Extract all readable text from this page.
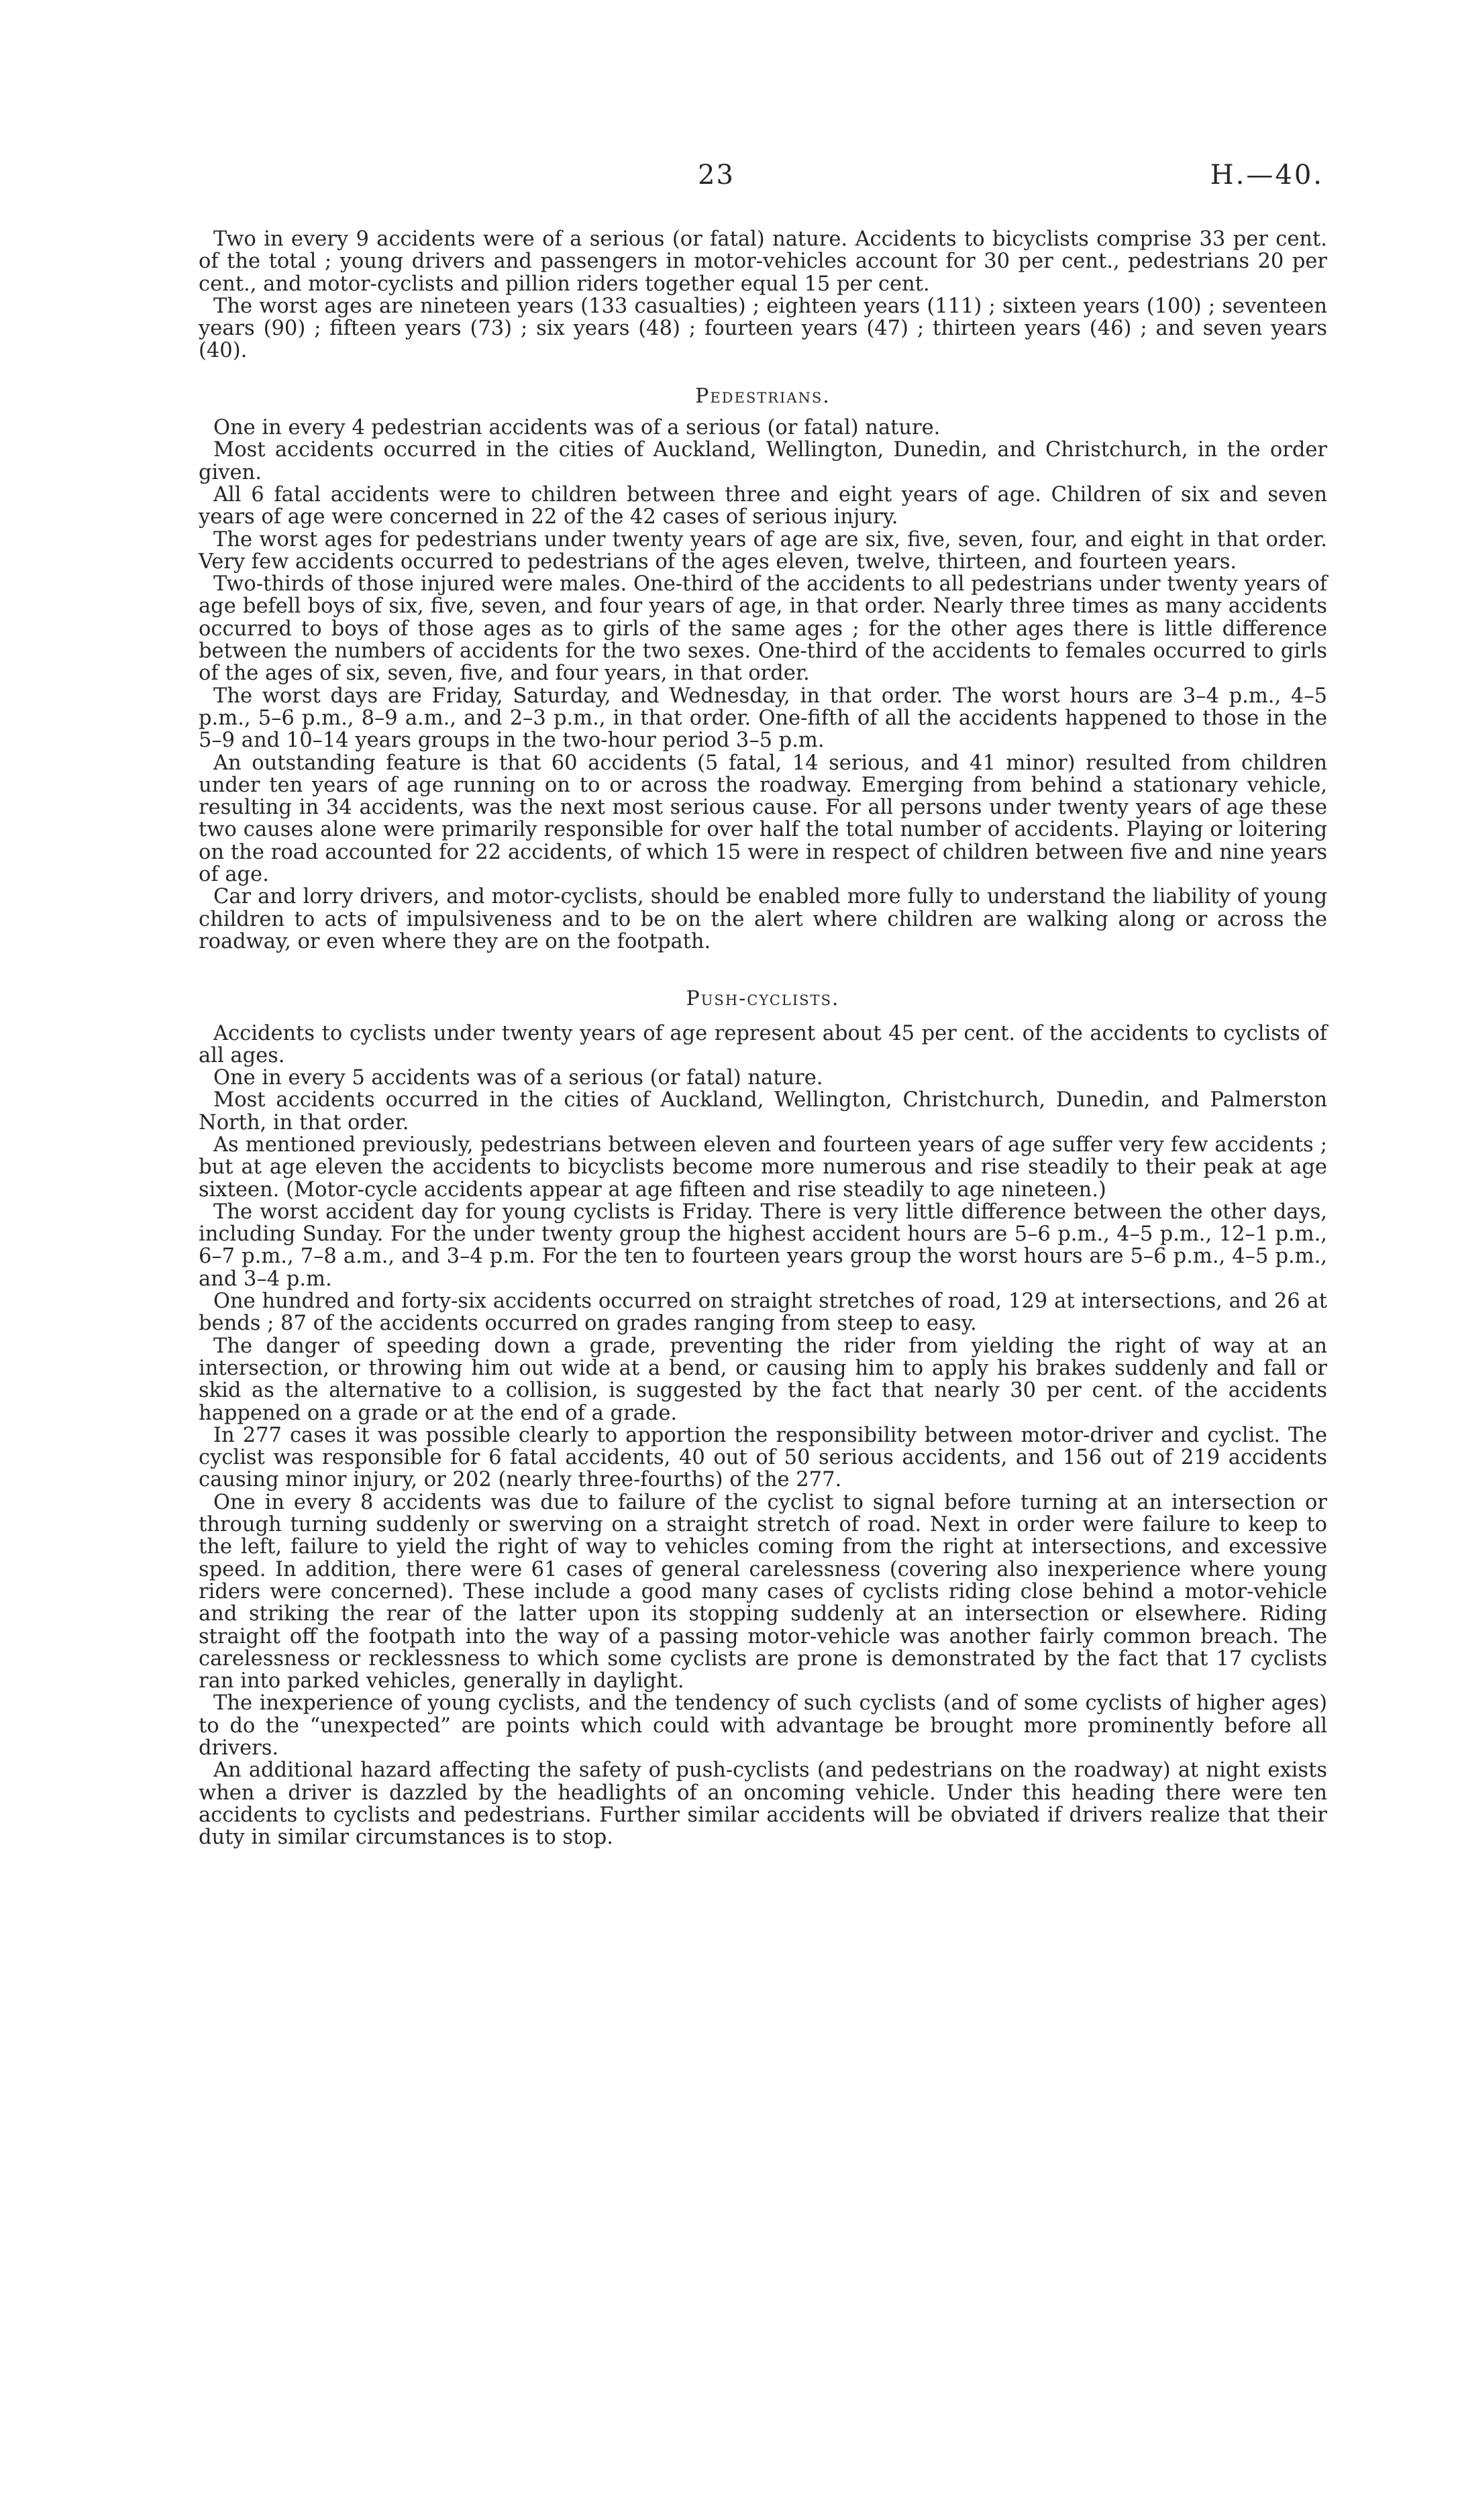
23	H.—40.

Two in every 9 accidents were of a serious (or fatal) nature. Accidents to bicyclists comprise 33 per cent. of the total ; young drivers and passengers in motor-vehicles account for 30 per cent., pedestrians 20 per cent., and motor-cyclists and pillion riders together equal 15 per cent.

The worst ages are nineteen years (133 casualties) ; eighteen years (111) ; sixteen years (100) ; seventeen years (90) ; fifteen years (73) ; six years (48) ; fourteen years (47) ; thirteen years (46) ; and seven years (40).

Pedestrians.

One in every 4 pedestrian accidents was of a serious (or fatal) nature.

Most accidents occurred in the cities of Auckland, Wellington, Dunedin, and Christchurch, in the order given.

All 6 fatal accidents were to children between three and eight years of age. Children of six and seven years of age were concerned in 22 of the 42 cases of serious injury.

The worst ages for pedestrians under twenty years of age are six, five, seven, four, and eight in that order. Very few accidents occurred to pedestrians of the ages eleven, twelve, thirteen, and fourteen years.

Two-thirds of those injured were males. One-third of the accidents to all pedestrians under twenty years of age befell boys of six, five, seven, and four years of age, in that order. Nearly three times as many accidents occurred to boys of those ages as to girls of the same ages ; for the other ages there is little difference between the numbers of accidents for the two sexes. One-third of the accidents to females occurred to girls of the ages of six, seven, five, and four years, in that order.

The worst days are Friday, Saturday, and Wednesday, in that order. The worst hours are 3–4 p.m., 4–5 p.m., 5–6 p.m., 8–9 a.m., and 2–3 p.m., in that order. One-fifth of all the accidents happened to those in the 5–9 and 10–14 years groups in the two-hour period 3–5 p.m.

An outstanding feature is that 60 accidents (5 fatal, 14 serious, and 41 minor) resulted from children under ten years of age running on to or across the roadway. Emerging from behind a stationary vehicle, resulting in 34 accidents, was the next most serious cause. For all persons under twenty years of age these two causes alone were primarily responsible for over half the total number of accidents. Playing or loitering on the road accounted for 22 accidents, of which 15 were in respect of children between five and nine years of age.

Car and lorry drivers, and motor-cyclists, should be enabled more fully to understand the liability of young children to acts of impulsiveness and to be on the alert where children are walking along or across the roadway, or even where they are on the footpath.

Push-cyclists.

Accidents to cyclists under twenty years of age represent about 45 per cent. of the accidents to cyclists of all ages.

One in every 5 accidents was of a serious (or fatal) nature.

Most accidents occurred in the cities of Auckland, Wellington, Christchurch, Dunedin, and Palmerston North, in that order.

As mentioned previously, pedestrians between eleven and fourteen years of age suffer very few accidents ; but at age eleven the accidents to bicyclists become more numerous and rise steadily to their peak at age sixteen. (Motor-cycle accidents appear at age fifteen and rise steadily to age nineteen.)

The worst accident day for young cyclists is Friday. There is very little difference between the other days, including Sunday. For the under twenty group the highest accident hours are 5–6 p.m., 4–5 p.m., 12–1 p.m., 6–7 p.m., 7–8 a.m., and 3–4 p.m. For the ten to fourteen years group the worst hours are 5–6 p.m., 4–5 p.m., and 3–4 p.m.

One hundred and forty-six accidents occurred on straight stretches of road, 129 at intersections, and 26 at bends ; 87 of the accidents occurred on grades ranging from steep to easy.

The danger of speeding down a grade, preventing the rider from yielding the right of way at an intersection, or throwing him out wide at a bend, or causing him to apply his brakes suddenly and fall or skid as the alternative to a collision, is suggested by the fact that nearly 30 per cent. of the accidents happened on a grade or at the end of a grade.

In 277 cases it was possible clearly to apportion the responsibility between motor-driver and cyclist. The cyclist was responsible for 6 fatal accidents, 40 out of 50 serious accidents, and 156 out of 219 accidents causing minor injury, or 202 (nearly three-fourths) of the 277.

One in every 8 accidents was due to failure of the cyclist to signal before turning at an intersection or through turning suddenly or swerving on a straight stretch of road. Next in order were failure to keep to the left, failure to yield the right of way to vehicles coming from the right at intersections, and excessive speed. In addition, there were 61 cases of general carelessness (covering also inexperience where young riders were concerned). These include a good many cases of cyclists riding close behind a motor-vehicle and striking the rear of the latter upon its stopping suddenly at an intersection or elsewhere. Riding straight off the footpath into the way of a passing motor-vehicle was another fairly common breach. The carelessness or recklessness to which some cyclists are prone is demonstrated by the fact that 17 cyclists ran into parked vehicles, generally in daylight.

The inexperience of young cyclists, and the tendency of such cyclists (and of some cyclists of higher ages) to do the “unexpected” are points which could with advantage be brought more prominently before all drivers.

An additional hazard affecting the safety of push-cyclists (and pedestrians on the roadway) at night exists when a driver is dazzled by the headlights of an oncoming vehicle. Under this heading there were ten accidents to cyclists and pedestrians. Further similar accidents will be obviated if drivers realize that their duty in similar circumstances is to stop.
